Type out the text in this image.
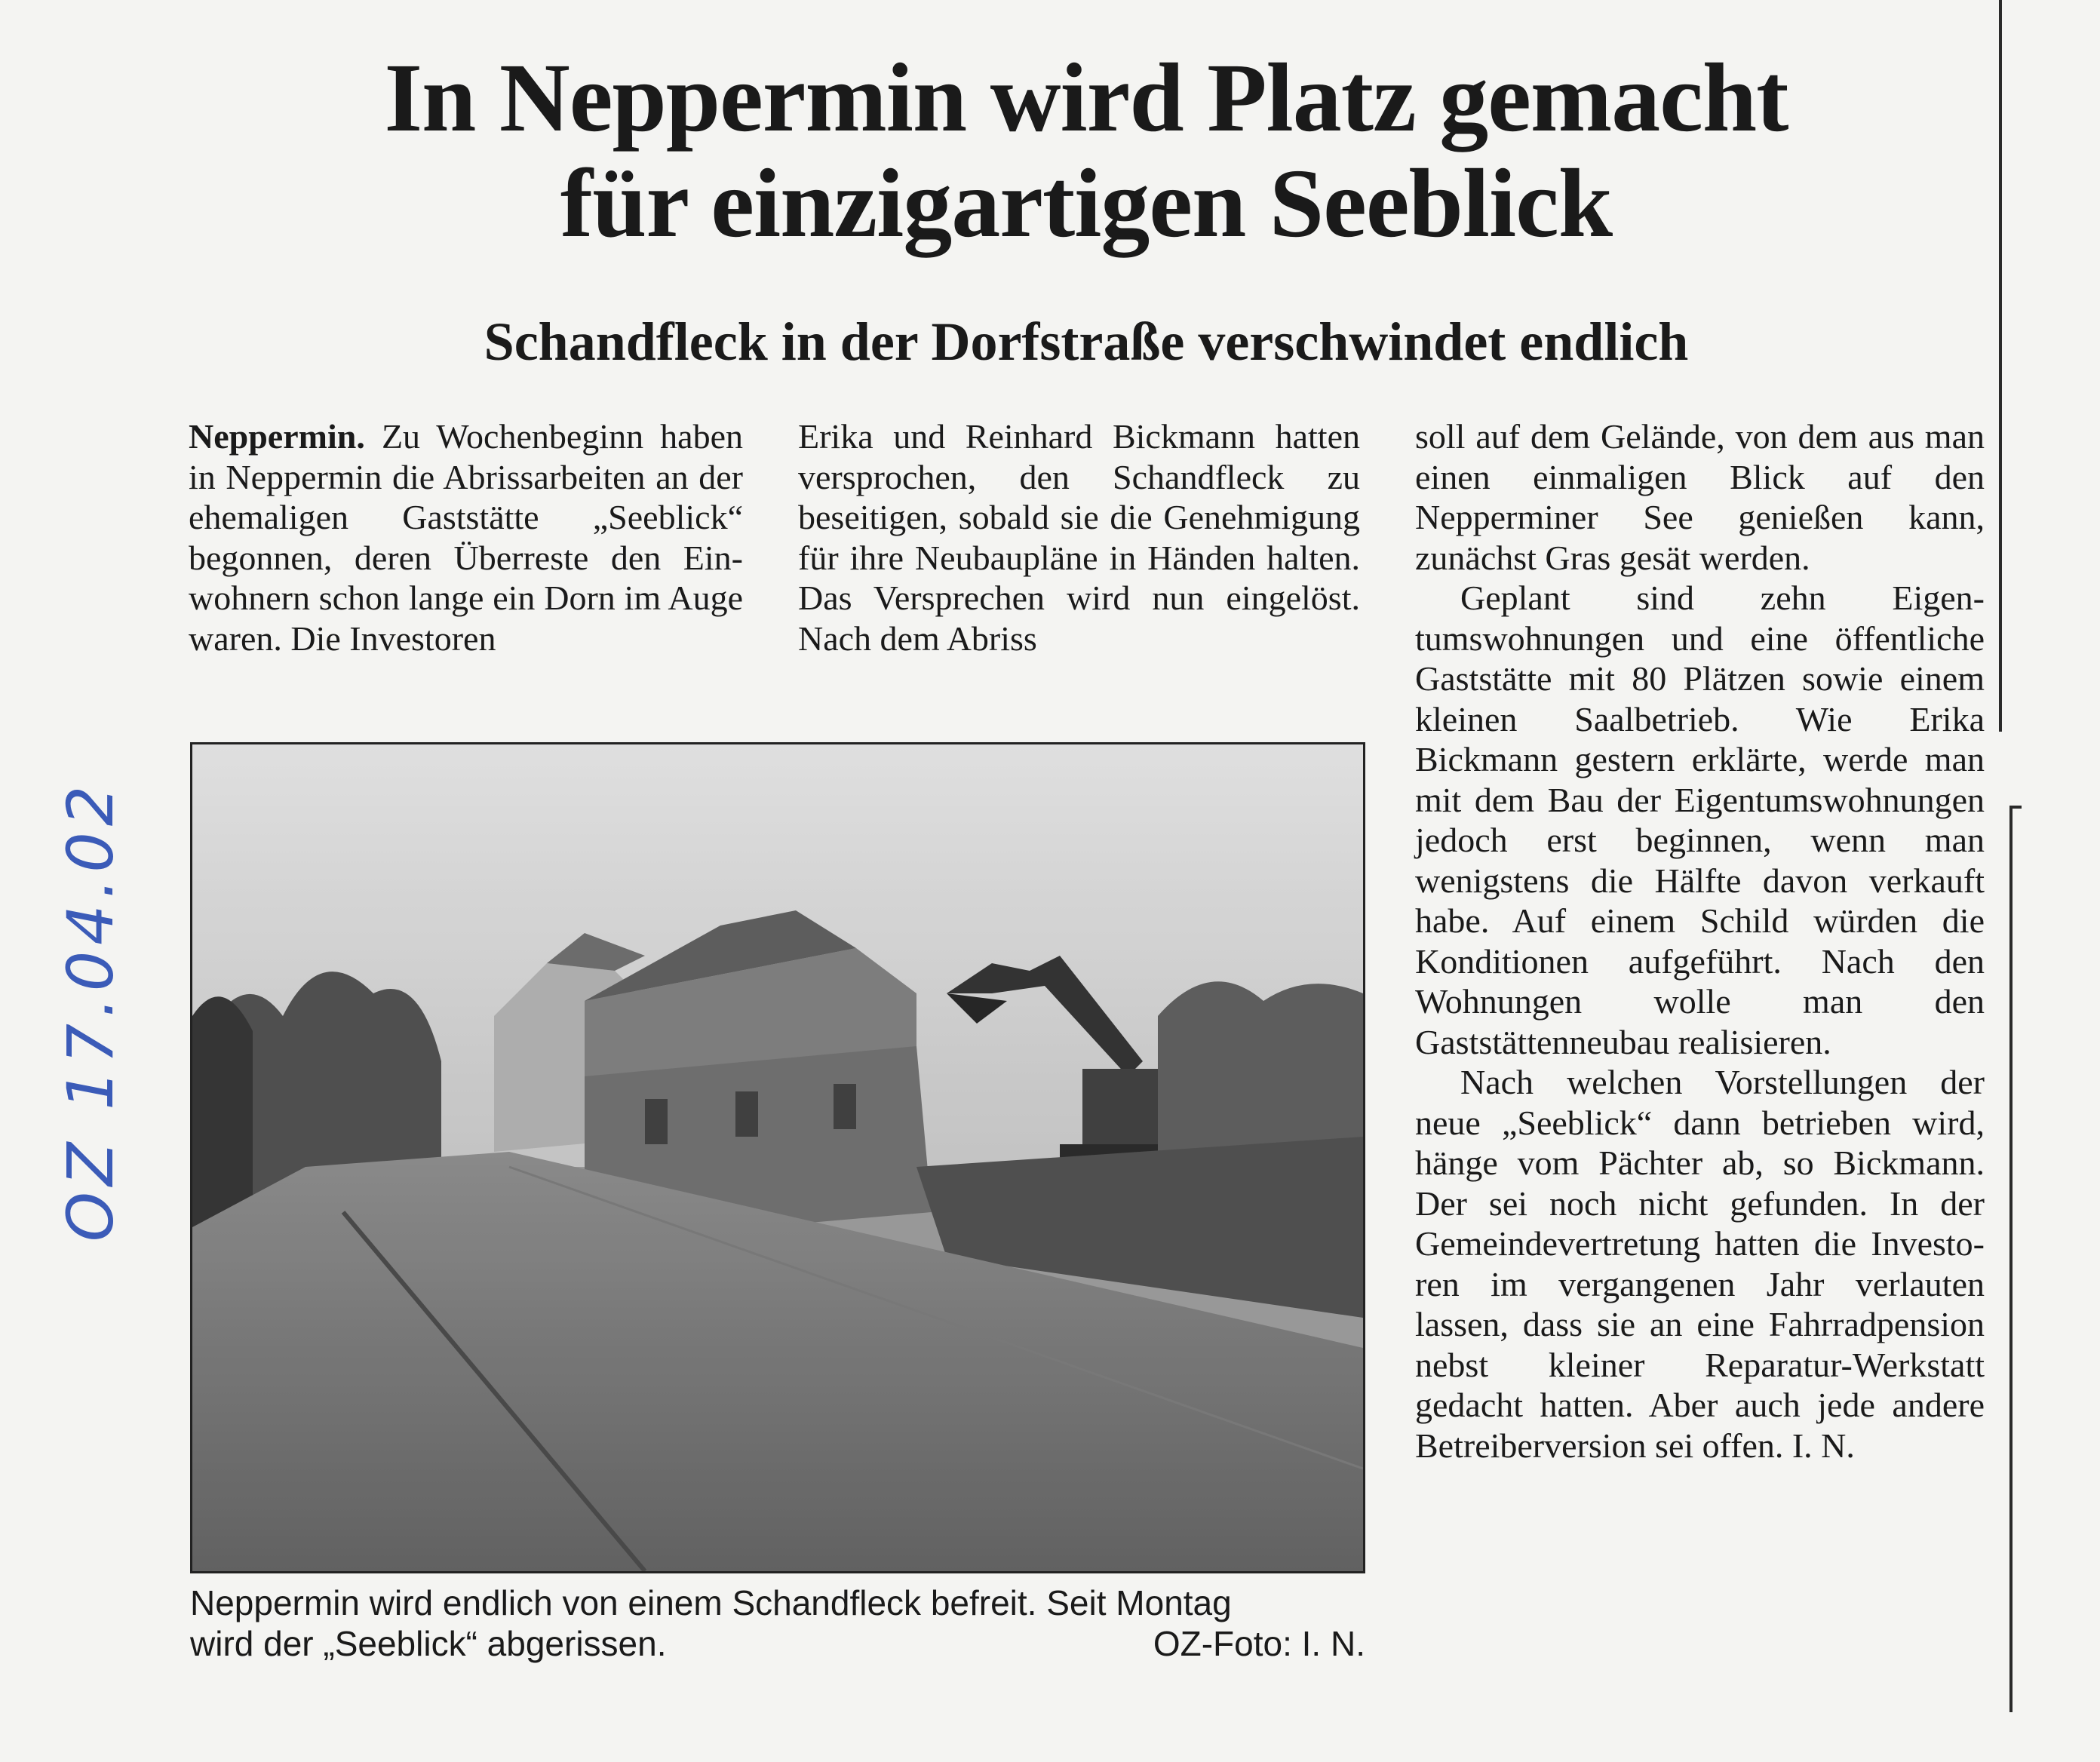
In Neppermin wird Platz gemacht
für einzigartigen Seeblick
Schandfleck in der Dorfstraße verschwindet endlich

Neppermin. Zu Wochenbeginn haben in Neppermin die Abrissarbeiten an der ehemaligen Gaststätte „Seeblick“ begonnen, deren Überreste den Einwohnern schon lange ein Dorn im Auge waren. Die Investoren

Erika und Reinhard Bickmann hatten versprochen, den Schandfleck zu beseitigen, sobald sie die Genehmigung für ihre Neubaupläne in Händen halten. Das Versprechen wird nun eingelöst. Nach dem Abriss

soll auf dem Gelände, von dem aus man einen einmaligen Blick auf den Nepperminer See genießen kann, zunächst Gras gesät werden.

Geplant sind zehn Eigentumswohnungen und eine öffentliche Gaststätte mit 80 Plätzen sowie einem kleinen Saalbetrieb. Wie Erika Bickmann gestern erklärte, werde man mit dem Bau der Eigentumswohnungen jedoch erst beginnen, wenn man wenigstens die Hälfte davon verkauft habe. Auf einem Schild würden die Konditionen aufgeführt. Nach den Wohnungen wolle man den Gaststättenneubau realisieren.

Nach welchen Vorstellungen der neue „Seeblick“ dann betrieben wird, hänge vom Pächter ab, so Bickmann. Der sei noch nicht gefunden. In der Gemeindevertretung hatten die Investoren im vergangenen Jahr verlauten lassen, dass sie an eine Fahrradpension nebst kleiner Reparatur-Werkstatt gedacht hatten. Aber auch jede andere Betreiberversion sei offen. I. N.

Neppermin wird endlich von einem Schandfleck befreit. Seit Montag
wird der „Seeblick“ abgerissen.	OZ-Foto: I. N.
OZ 17.04.02
